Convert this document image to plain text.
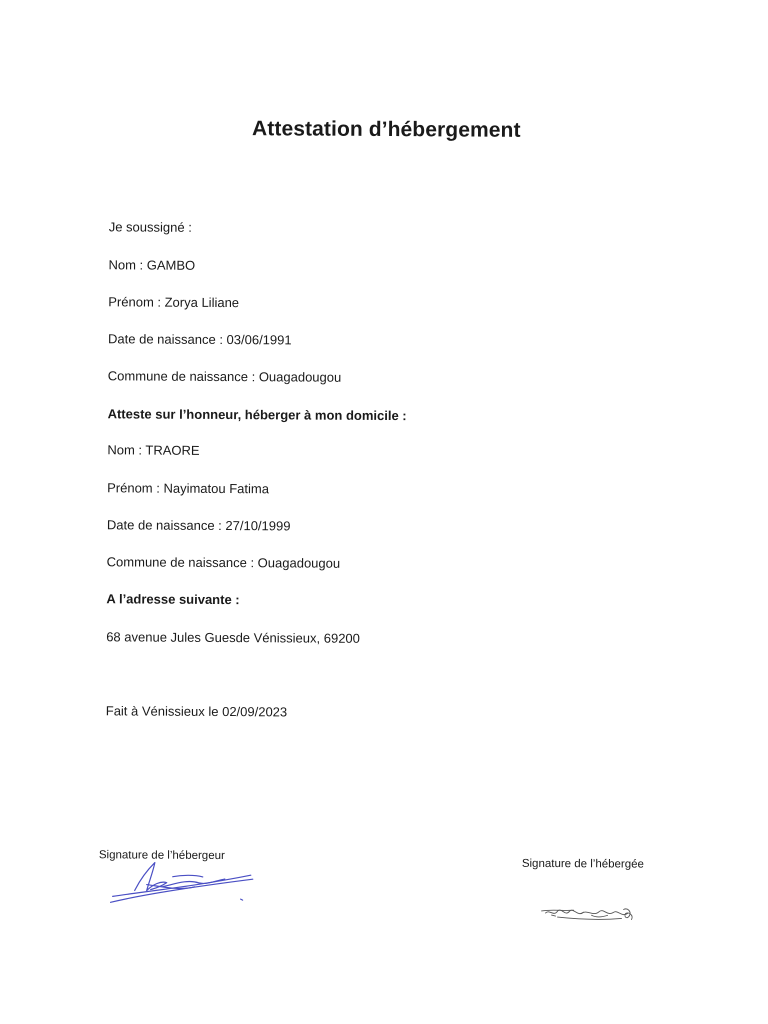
Attestation d’hébergement
Je soussigné :
Nom : GAMBO
Prénom : Zorya Liliane
Date de naissance : 03/06/1991
Commune de naissance : Ouagadougou
Atteste sur l’honneur, héberger à mon domicile :
Nom : TRAORE
Prénom : Nayimatou Fatima
Date de naissance : 27/10/1999
Commune de naissance : Ouagadougou
A l’adresse suivante :
68 avenue Jules Guesde Vénissieux, 69200
Fait à Vénissieux le 02/09/2023
Signature de l’hébergeur
Signature de l’hébergée
